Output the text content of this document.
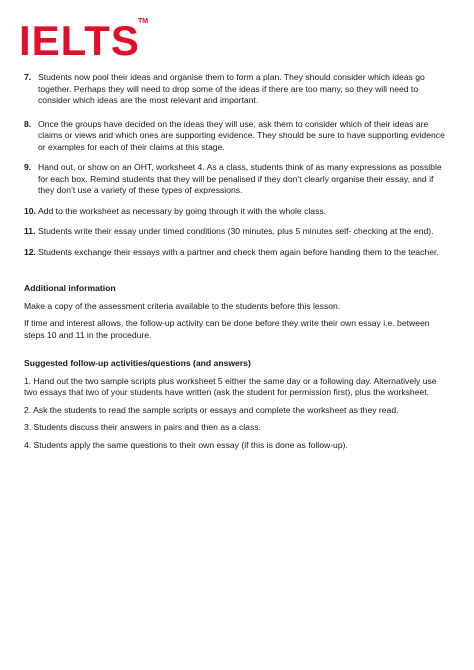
IELTS
TM
7. Students now pool their ideas and organise them to form a plan. They should consider which ideas go together. Perhaps they will need to drop some of the ideas if there are too many, so they will need to consider which ideas are the most relevant and important.
8. Once the groups have decided on the ideas they will use, ask them to consider which of their ideas are claims or views and which ones are supporting evidence. They should be sure to have supporting evidence or examples for each of their claims at this stage.
9. Hand out, or show on an OHT, worksheet 4. As a class, students think of as many expressions as possible for each box. Remind students that they will be penalised if they don’t clearly organise their essay, and if they don’t use a variety of these types of expressions.
10. Add to the worksheet as necessary by going through it with the whole class.
11. Students write their essay under timed conditions (30 minutes, plus 5 minutes self- checking at the end).
12. Students exchange their essays with a partner and check them again before handing them to the teacher.
Additional information
Make a copy of the assessment criteria available to the students before this lesson.
If time and interest allows, the follow-up activity can be done before they write their own essay i.e. between steps 10 and 11 in the procedure.
Suggested follow-up activities/questions (and answers)
1. Hand out the two sample scripts plus worksheet 5 either the same day or a following day. Alternatively use two essays that two of your students have written (ask the student for permission first), plus the worksheet.
2. Ask the students to read the sample scripts or essays and complete the worksheet as they read.
3. Students discuss their answers in pairs and then as a class.
4. Students apply the same questions to their own essay (if this is done as follow-up).
